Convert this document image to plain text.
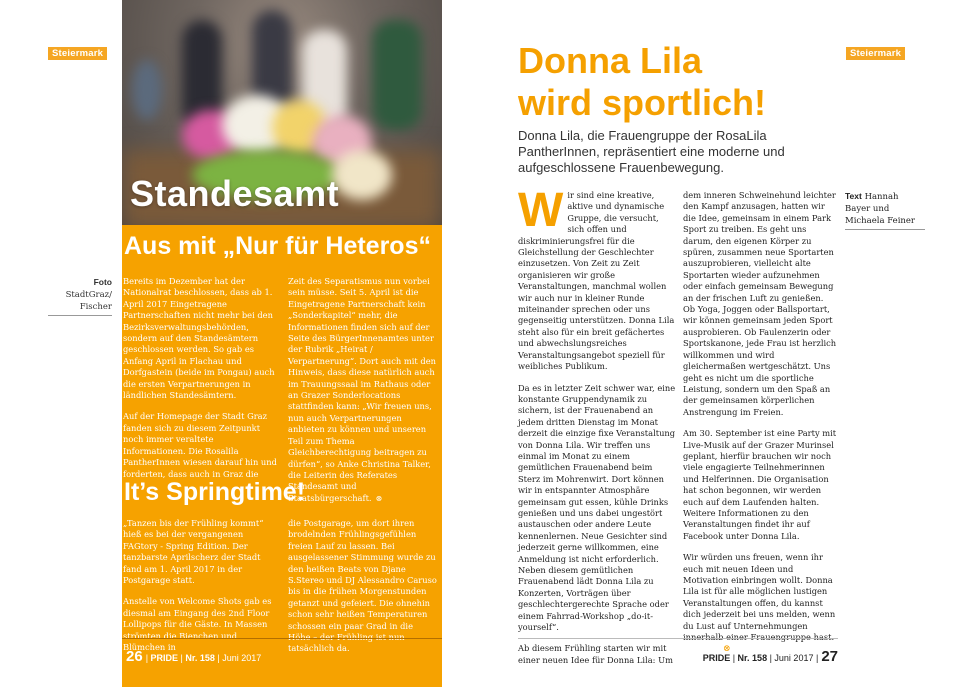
Steiermark
Standesamt
Aus mit „Nur für Heteros“
Foto StadtGraz/ Fischer

Bereits im Dezember hat der Nationalrat beschlossen, dass ab 1. April 2017 Eingetragene Partnerschaften nicht mehr bei den Bezirksverwaltungsbehörden, sondern auf den Standesämtern geschlossen werden. So gab es Anfang April in Flachau und Dorfgastein (beide im Pongau) auch die ersten Verpartnerungen in ländlichen Standesämtern.

Auf der Homepage der Stadt Graz fanden sich zu diesem Zeitpunkt noch immer veraltete Informationen. Die Rosalila PantherInnen wiesen darauf hin und forderten, dass auch in Graz die

Zeit des Separatismus nun vorbei sein müsse. Seit 5. April ist die Eingetragene Partnerschaft kein „Sonderkapitel“ mehr, die Informationen finden sich auf der Seite des BürgerInnenamtes unter der Rubrik „Heirat / Verpartnerung“. Dort auch mit den Hinweis, dass diese natürlich auch im Trauungssaal im Rathaus oder an Grazer Sonderlocations stattfinden kann: „Wir freuen uns, nun auch Verpartnerungen anbieten zu können und unseren Teil zum Thema Gleichberechtigung beitragen zu dürfen“, so Anke Christina Talker, die Leiterin des Referates Standesamt und Staatsbürgerschaft. ⊗

It’s Springtime!

„Tanzen bis der Frühling kommt“ hieß es bei der vergangenen FAGtory - Spring Edition. Der tanzbarste Aprilscherz der Stadt fand am 1. April 2017 in der Postgarage statt.

Anstelle von Welcome Shots gab es diesmal am Eingang des 2nd Floor Lollipops für die Gäste. In Massen strömten die Bienchen und Blümchen in

die Postgarage, um dort ihren brodelnden Frühlingsgefühlen freien Lauf zu lassen. Bei ausgelassener Stimmung wurde zu den heißen Beats von Djane S.Stereo und DJ Alessandro Caruso bis in die frühen Morgenstunden getanzt und gefeiert. Die ohnehin schon sehr heißen Temperaturen schossen ein paar Grad in die Höhe – der Frühling ist nun tatsächlich da.

26 | PRIDE | Nr. 158 | Juni 2017
Steiermark
Donna Lila
wird sportlich!
Donna Lila, die Frauengruppe der RosaLila PantherInnen, repräsentiert eine moderne und aufgeschlossene Frauenbewegung.

Wir sind eine kreative, aktive und dynamische Gruppe, die versucht, sich offen und diskriminierungsfrei für die Gleichstellung der Geschlechter einzusetzen. Von Zeit zu Zeit organisieren wir große Veranstaltungen, manchmal wollen wir auch nur in kleiner Runde miteinander sprechen oder uns gegenseitig unterstützen. Donna Lila steht also für ein breit gefächertes und abwechslungsreiches Veranstaltungsangebot speziell für weibliches Publikum.

Da es in letzter Zeit schwer war, eine konstante Gruppendynamik zu sichern, ist der Frauenabend an jedem dritten Dienstag im Monat derzeit die einzige fixe Veranstaltung von Donna Lila. Wir treffen uns einmal im Monat zu einem gemütlichen Frauenabend beim Sterz im Mohrenwirt. Dort können wir in entspannter Atmosphäre gemeinsam gut essen, kühle Drinks genießen und uns dabei ungestört austauschen oder andere Leute kennenlernen. Neue Gesichter sind jederzeit gerne willkommen, eine Anmeldung ist nicht erforderlich. Neben diesem gemütlichen Frauenabend lädt Donna Lila zu Konzerten, Vorträgen über geschlechtergerechte Sprache oder einem Fahrrad-Workshop „do-it-yourself“.

Ab diesem Frühling starten wir mit einer neuen Idee für Donna Lila: Um

dem inneren Schweinehund leichter den Kampf anzusagen, hatten wir die Idee, gemeinsam in einem Park Sport zu treiben. Es geht uns darum, den eigenen Körper zu spüren, zusammen neue Sportarten auszuprobieren, vielleicht alte Sportarten wieder aufzunehmen oder einfach gemeinsam Bewegung an der frischen Luft zu genießen. Ob Yoga, Joggen oder Ballsportart, wir können gemeinsam jeden Sport ausprobieren. Ob Faulenzerin oder Sportskanone, jede Frau ist herzlich willkommen und wird gleichermaßen wertgeschätzt. Uns geht es nicht um die sportliche Leistung, sondern um den Spaß an der gemeinsamen körperlichen Anstrengung im Freien.

Am 30. September ist eine Party mit Live-Musik auf der Grazer Murinsel geplant, hierfür brauchen wir noch viele engagierte Teilnehmerinnen und Helferinnen. Die Organisation hat schon begonnen, wir werden euch auf dem Laufenden halten. Weitere Informationen zu den Veranstaltungen findet ihr auf Facebook unter Donna Lila.

Wir würden uns freuen, wenn ihr euch mit neuen Ideen und Motivation einbringen wollt. Donna Lila ist für alle möglichen lustigen Veranstaltungen offen, du kannst dich jederzeit bei uns melden, wenn du Lust auf Unternehmungen innerhalb einer Frauengruppe hast.
⊗

Text Hannah Bayer und Michaela Feiner
PRIDE | Nr. 158 | Juni 2017 | 27
